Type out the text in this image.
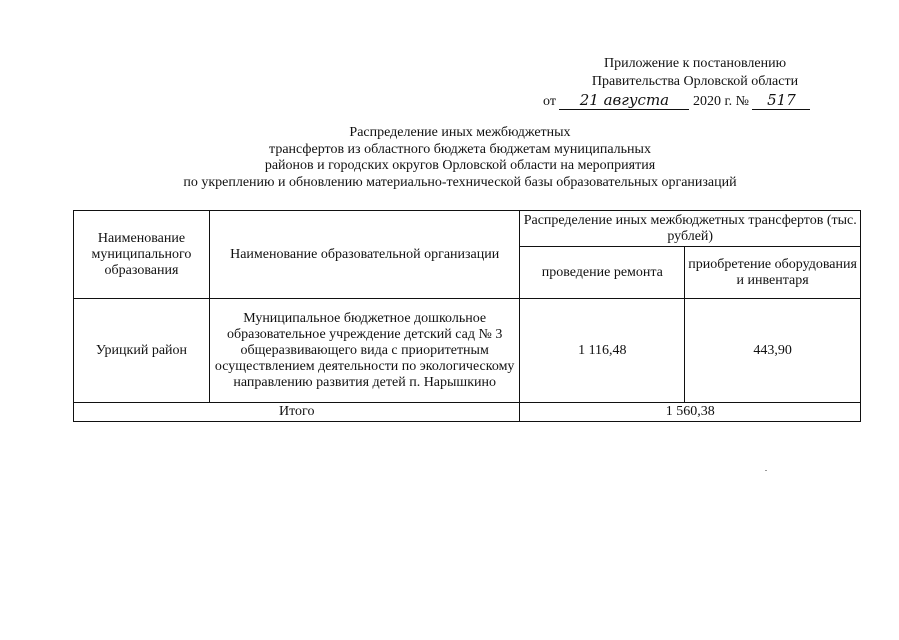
Приложение к постановлению
Правительства Орловской области
от 21 августа 2020 г. № 517
Распределение иных межбюджетных
трансфертов из областного бюджета бюджетам муниципальных
районов и городских округов Орловской области на мероприятия
по укреплению и обновлению материально-технической базы образовательных организаций
Наименование муниципального образования	Наименование образовательной организации	Распределение иных межбюджетных трансфертов (тыс. рублей)	
		проведение ремонта	приобретение оборудования и инвентаря
Урицкий район	Муниципальное бюджетное дошкольное образовательное учреждение детский сад № 3 общеразвивающего вида с приоритетным осуществлением деятельности по экологическому направлению развития детей п. Нарышкино	1 116,48	443,90
Итого		1 560,38	
